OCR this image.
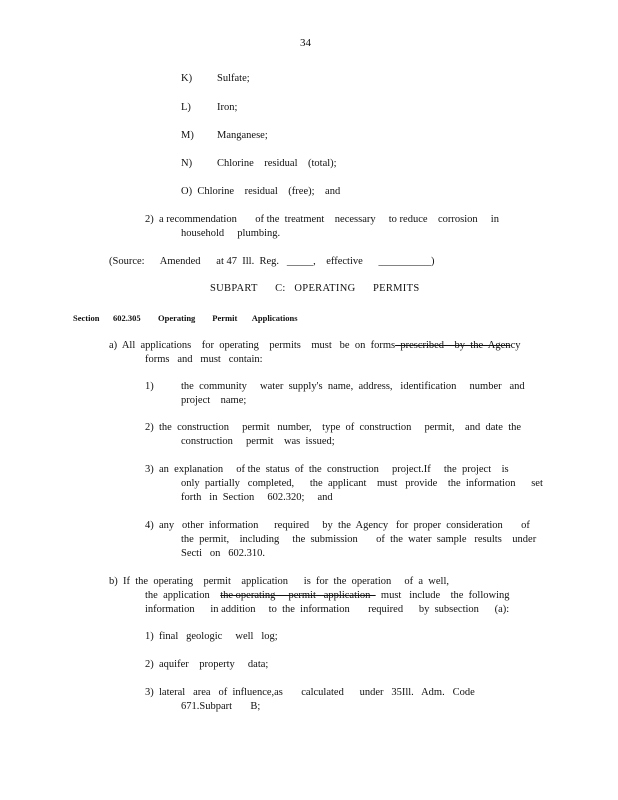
34
K) Sulfate;
L) Iron;
M) Manganese;
N) Chlorine    residual    (total);
O)  Chlorine    residual    (free);    and
2)  a recommendation       of the  treatment    necessary     to reduce    corrosion     in
household     plumbing.
(Source:      Amended      at 47  Ill.  Reg.   _____,    effective      __________)
SUBPART      C:   OPERATING      PERMITS
Section 602.305 Operating        Permit       Applications
a)  All  applications    for  operating    permits    must   be  on  forms  prescribed    by  the  Agency
forms   and   must   contain:
1)	the  community     water  supply's  name,  address,   identification     number   and
project    name;
2)  the  construction     permit   number,    type  of  construction     permit,    and  date  the
construction     permit    was  issued;
3)  an  explanation     of the  status  of  the  construction     project.If     the  project    is
only  partially   completed,      the  applicant    must   provide    the  information      set
forth   in  Section     602.320;     and
4)  any   other  information      required     by  the  Agency   for  proper  consideration       of
the  permit,    including     the  submission       of  the  water  sample   results    under
Secti   on   602.310.
b)  If  the  operating    permit    application      is  for  the  operation     of  a  well,
the  application    the operating     permit   application    must   include    the  following
information      in addition     to  the  information       required      by  subsection      (a):
1)  final   geologic     well   log;
2)  aquifer    property     data;
3)  lateral   area   of  influence,as       calculated      under   35Ill.   Adm.   Code
671.Subpart       B;
